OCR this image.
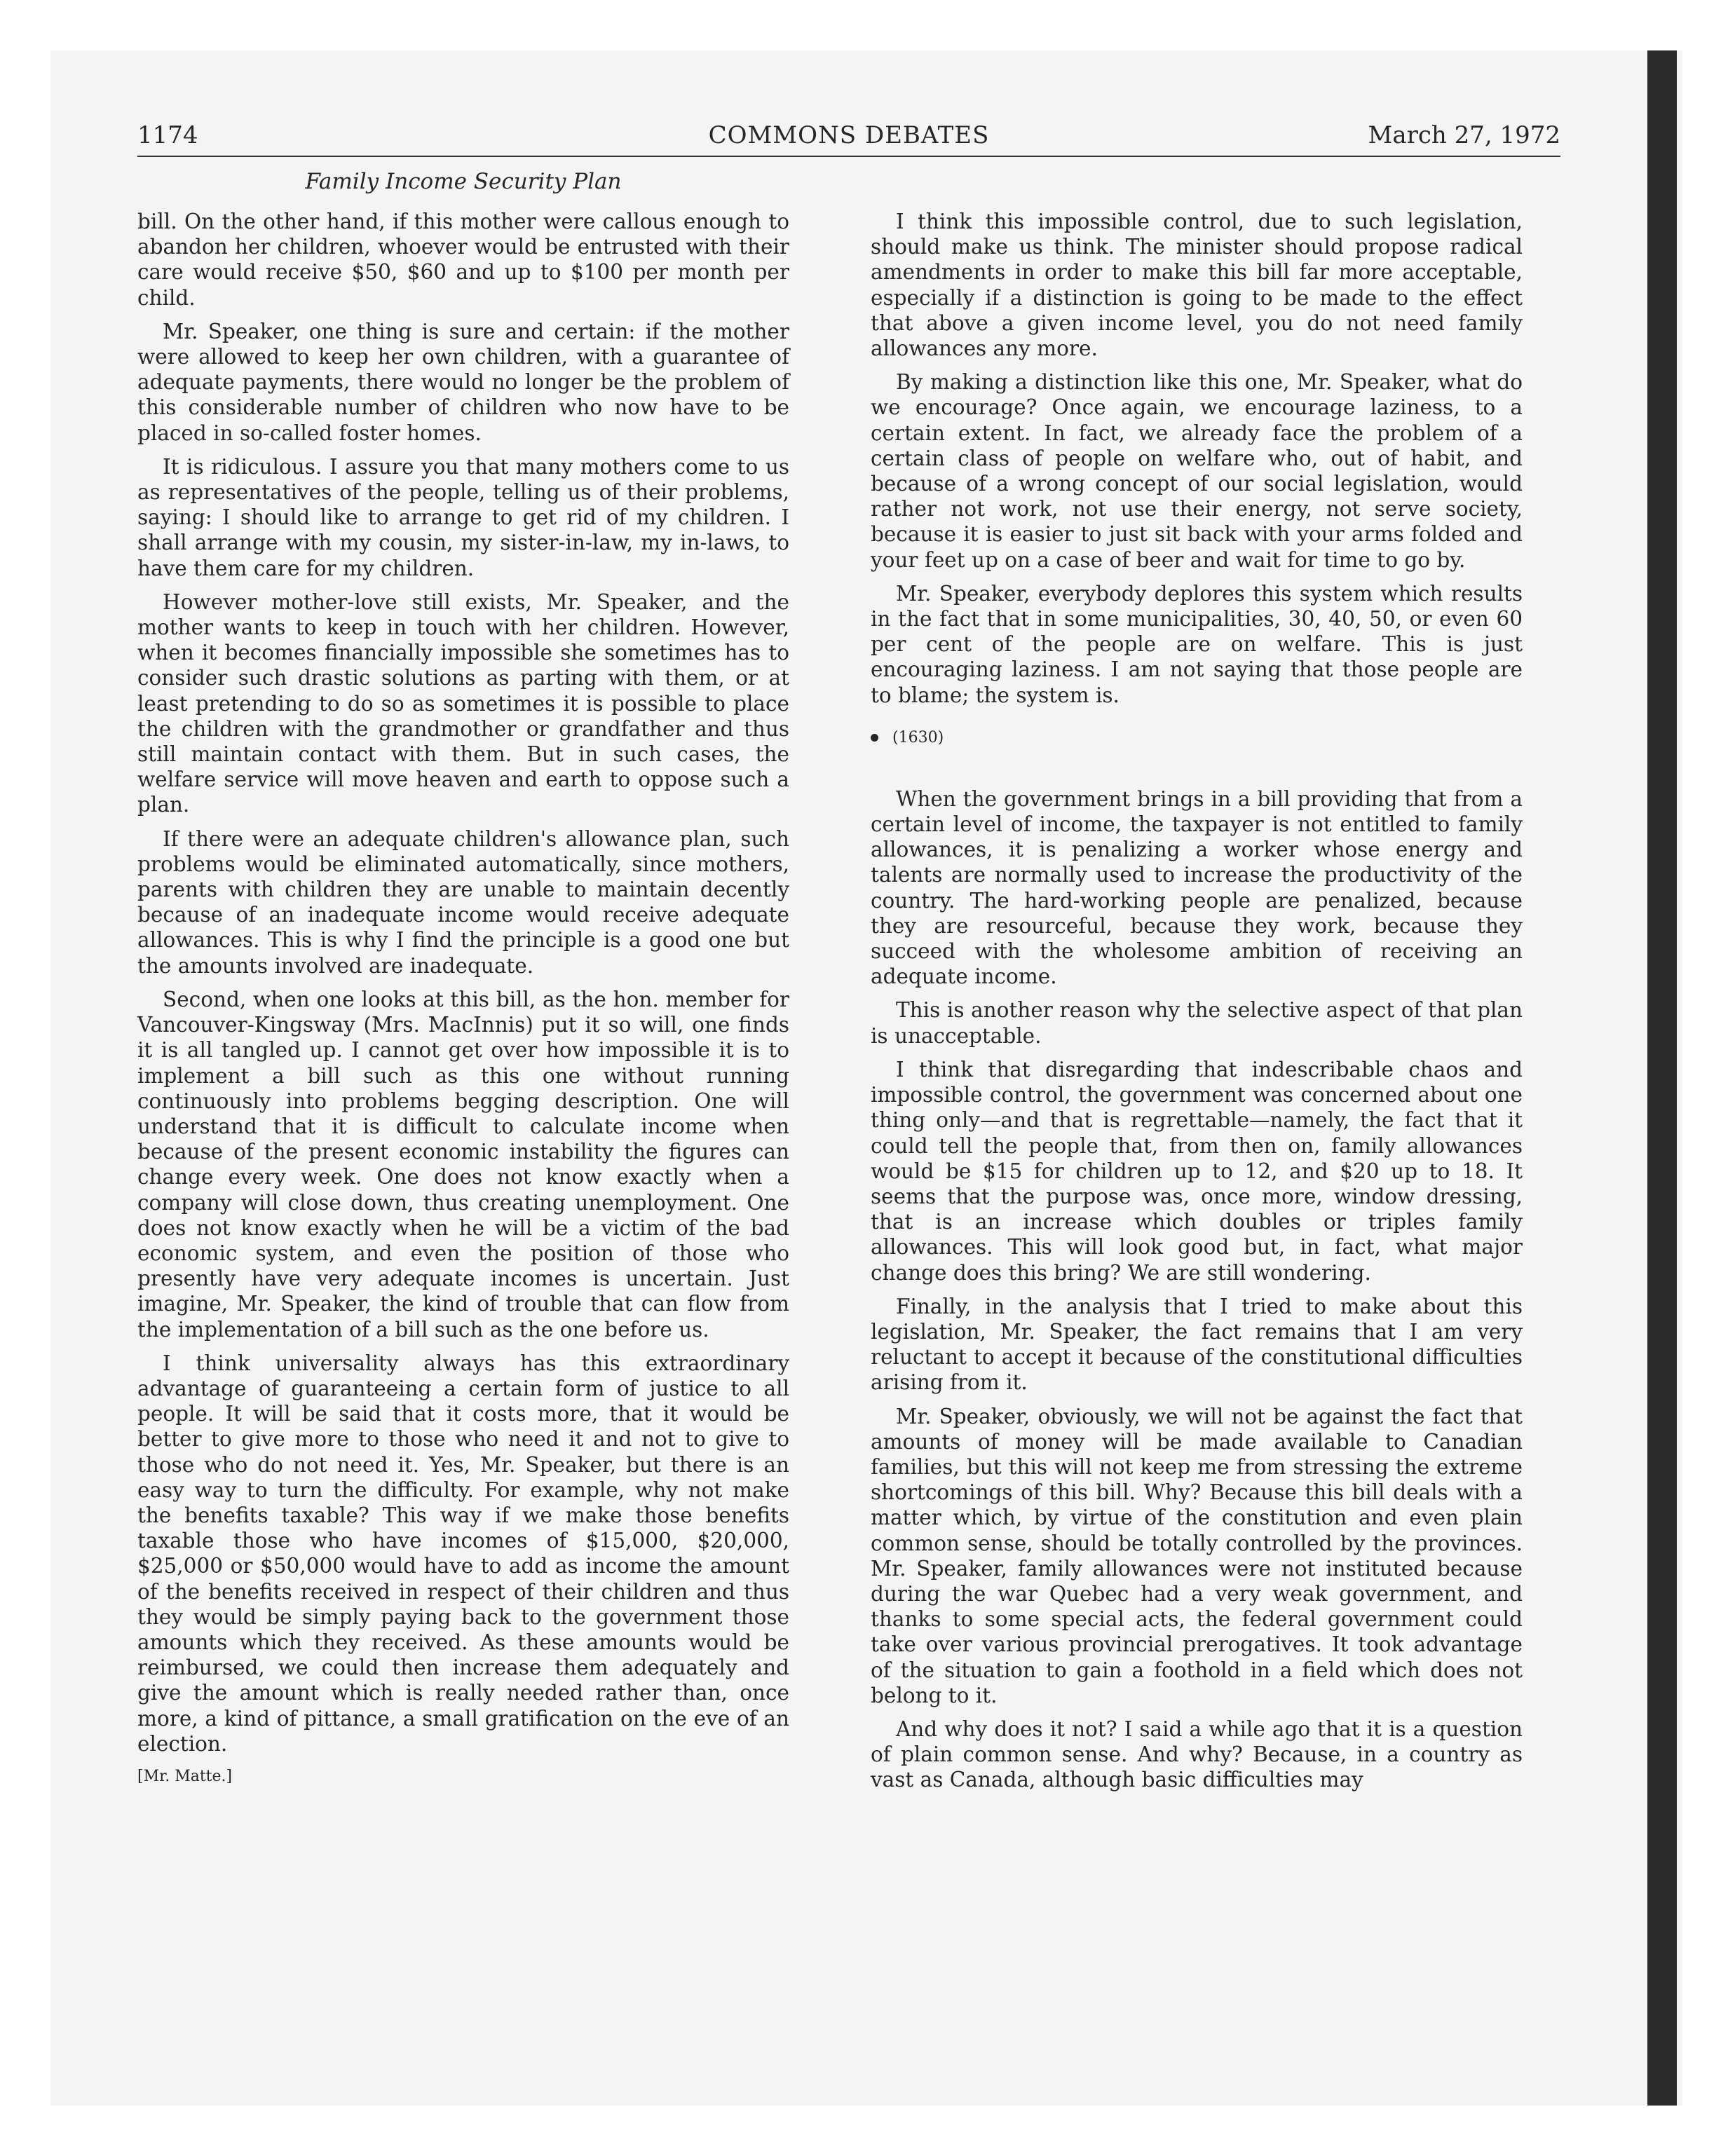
1174	COMMONS DEBATES	March 27, 1972
Family Income Security Plan

bill. On the other hand, if this mother were callous enough to abandon her children, whoever would be entrusted with their care would receive $50, $60 and up to $100 per month per child.

Mr. Speaker, one thing is sure and certain: if the mother were allowed to keep her own children, with a guarantee of adequate payments, there would no longer be the problem of this considerable number of children who now have to be placed in so-called foster homes.

It is ridiculous. I assure you that many mothers come to us as representatives of the people, telling us of their problems, saying: I should like to arrange to get rid of my children. I shall arrange with my cousin, my sister-in-law, my in-laws, to have them care for my children.

However mother-love still exists, Mr. Speaker, and the mother wants to keep in touch with her children. However, when it becomes financially impossible she sometimes has to consider such drastic solutions as parting with them, or at least pretending to do so as sometimes it is possible to place the children with the grandmother or grandfather and thus still maintain contact with them. But in such cases, the welfare service will move heaven and earth to oppose such a plan.

If there were an adequate children's allowance plan, such problems would be eliminated automatically, since mothers, parents with children they are unable to maintain decently because of an inadequate income would receive adequate allowances. This is why I find the principle is a good one but the amounts involved are inadequate.

Second, when one looks at this bill, as the hon. member for Vancouver-Kingsway (Mrs. MacInnis) put it so will, one finds it is all tangled up. I cannot get over how impossible it is to implement a bill such as this one without running continuously into problems begging description. One will understand that it is difficult to calculate income when because of the present economic instability the figures can change every week. One does not know exactly when a company will close down, thus creating unemployment. One does not know exactly when he will be a victim of the bad economic system, and even the position of those who presently have very adequate incomes is uncertain. Just imagine, Mr. Speaker, the kind of trouble that can flow from the implementation of a bill such as the one before us.

I think universality always has this extraordinary advantage of guaranteeing a certain form of justice to all people. It will be said that it costs more, that it would be better to give more to those who need it and not to give to those who do not need it. Yes, Mr. Speaker, but there is an easy way to turn the difficulty. For example, why not make the benefits taxable? This way if we make those benefits taxable those who have incomes of $15,000, $20,000, $25,000 or $50,000 would have to add as income the amount of the benefits received in respect of their children and thus they would be simply paying back to the government those amounts which they received. As these amounts would be reimbursed, we could then increase them adequately and give the amount which is really needed rather than, once more, a kind of pittance, a small gratification on the eve of an election.

[Mr. Matte.]

I think this impossible control, due to such legislation, should make us think. The minister should propose radical amendments in order to make this bill far more acceptable, especially if a distinction is going to be made to the effect that above a given income level, you do not need family allowances any more.

By making a distinction like this one, Mr. Speaker, what do we encourage? Once again, we encourage laziness, to a certain extent. In fact, we already face the problem of a certain class of people on welfare who, out of habit, and because of a wrong concept of our social legislation, would rather not work, not use their energy, not serve society, because it is easier to just sit back with your arms folded and your feet up on a case of beer and wait for time to go by.

Mr. Speaker, everybody deplores this system which results in the fact that in some municipalities, 30, 40, 50, or even 60 per cent of the people are on welfare. This is just encouraging laziness. I am not saying that those people are to blame; the system is.

(1630)

When the government brings in a bill providing that from a certain level of income, the taxpayer is not entitled to family allowances, it is penalizing a worker whose energy and talents are normally used to increase the productivity of the country. The hard-working people are penalized, because they are resourceful, because they work, because they succeed with the wholesome ambition of receiving an adequate income.

This is another reason why the selective aspect of that plan is unacceptable.

I think that disregarding that indescribable chaos and impossible control, the government was concerned about one thing only—and that is regrettable—namely, the fact that it could tell the people that, from then on, family allowances would be $15 for children up to 12, and $20 up to 18. It seems that the purpose was, once more, window dressing, that is an increase which doubles or triples family allowances. This will look good but, in fact, what major change does this bring? We are still wondering.

Finally, in the analysis that I tried to make about this legislation, Mr. Speaker, the fact remains that I am very reluctant to accept it because of the constitutional difficulties arising from it.

Mr. Speaker, obviously, we will not be against the fact that amounts of money will be made available to Canadian families, but this will not keep me from stressing the extreme shortcomings of this bill. Why? Because this bill deals with a matter which, by virtue of the constitution and even plain common sense, should be totally controlled by the provinces. Mr. Speaker, family allowances were not instituted because during the war Quebec had a very weak government, and thanks to some special acts, the federal government could take over various provincial prerogatives. It took advantage of the situation to gain a foothold in a field which does not belong to it.

And why does it not? I said a while ago that it is a question of plain common sense. And why? Because, in a country as vast as Canada, although basic difficulties may
